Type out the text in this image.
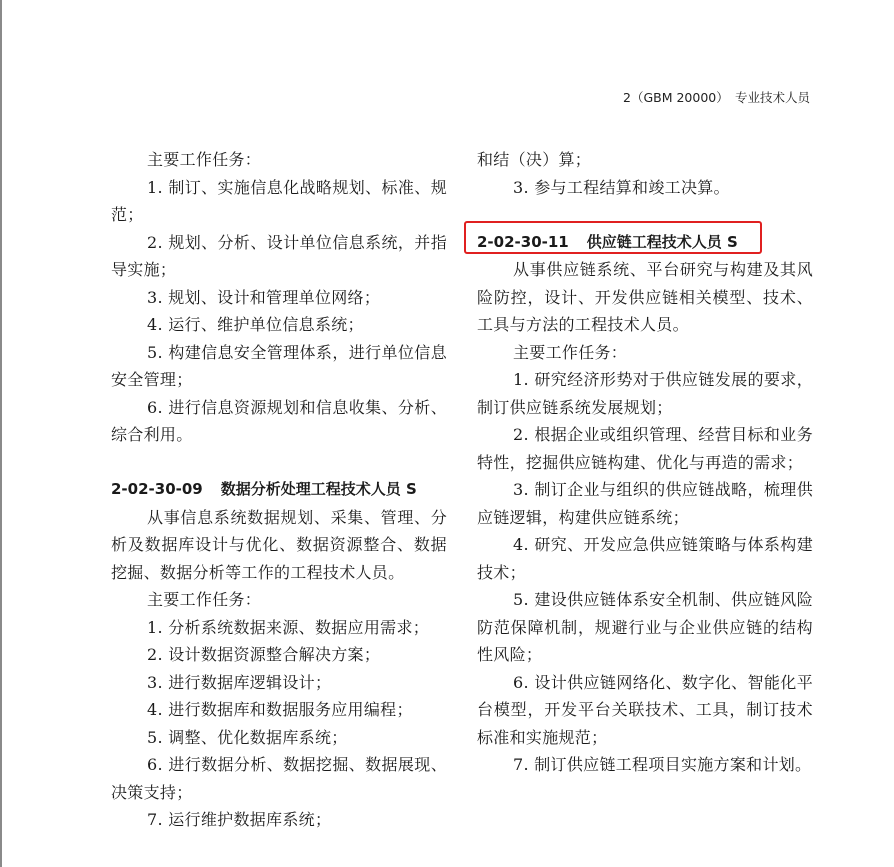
2（GBM 20000）　专业技术人员

主要工作任务：

1. 制订、实施信息化战略规划、标准、规范；

2. 规划、分析、设计单位信息系统，并指导实施；

3. 规划、设计和管理单位网络；

4. 运行、维护单位信息系统；

5. 构建信息安全管理体系，进行单位信息安全管理；

6. 进行信息资源规划和信息收集、分析、综合利用。

2-02-30-09 数据分析处理工程技术人员 S

从事信息系统数据规划、采集、管理、分析及数据库设计与优化、数据资源整合、数据挖掘、数据分析等工作的工程技术人员。

主要工作任务：

1. 分析系统数据来源、数据应用需求；

2. 设计数据资源整合解决方案；

3. 进行数据库逻辑设计；

4. 进行数据库和数据服务应用编程；

5. 调整、优化数据库系统；

6. 进行数据分析、数据挖掘、数据展现、决策支持；

7. 运行维护数据库系统；

和结（决）算；

3. 参与工程结算和竣工决算。

2-02-30-11 供应链工程技术人员 S

从事供应链系统、平台研究与构建及其风险防控，设计、开发供应链相关模型、技术、工具与方法的工程技术人员。

主要工作任务：

1. 研究经济形势对于供应链发展的要求，制订供应链系统发展规划；

2. 根据企业或组织管理、经营目标和业务特性，挖掘供应链构建、优化与再造的需求；

3. 制订企业与组织的供应链战略，梳理供应链逻辑，构建供应链系统；

4. 研究、开发应急供应链策略与体系构建技术；

5. 建设供应链体系安全机制、供应链风险防范保障机制，规避行业与企业供应链的结构性风险；

6. 设计供应链网络化、数字化、智能化平台模型，开发平台关联技术、工具，制订技术标准和实施规范；

7. 制订供应链工程项目实施方案和计划。
